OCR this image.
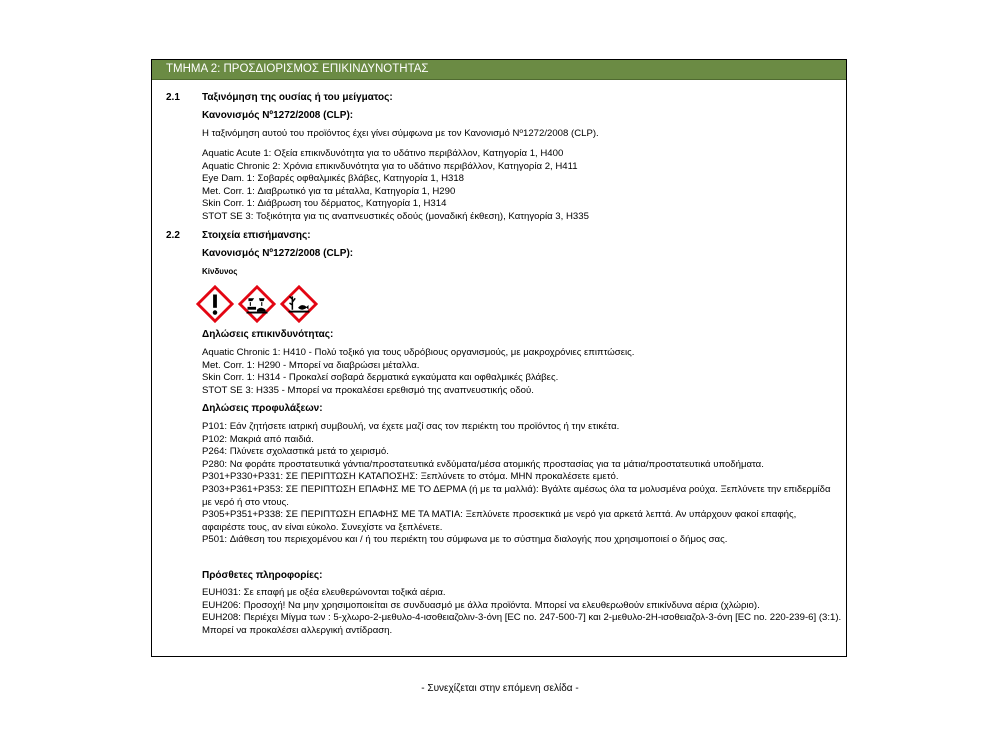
ΤΜΗΜΑ 2: ΠΡΟΣΔΙΟΡΙΣΜΟΣ ΕΠΙΚΙΝΔΥΝΟΤΗΤΑΣ
2.1 Ταξινόμηση της ουσίας ή του μείγματος:
Κανονισμός Νº1272/2008 (CLP):
Η ταξινόμηση αυτού του προϊόντος έχει γίνει σύμφωνα με τον Κανονισμό Νº1272/2008 (CLP).
Aquatic Acute 1: Οξεία επικινδυνότητα για το υδάτινο περιβάλλον, Κατηγορία 1, H400
Aquatic Chronic 2: Χρόνια επικινδυνότητα για το υδάτινο περιβάλλον, Κατηγορία 2, H411
Eye Dam. 1: Σοβαρές οφθαλμικές βλάβες, Κατηγορία 1, H318
Met. Corr. 1: Διαβρωτικό για τα μέταλλα, Κατηγορία 1, H290
Skin Corr. 1: Διάβρωση του δέρματος, Κατηγορία 1, H314
STOT SE 3: Τοξικότητα για τις αναπνευστικές οδούς (μοναδική έκθεση), Κατηγορία 3, H335
2.2 Στοιχεία επισήμανσης:
Κανονισμός Νº1272/2008 (CLP):
Κίνδυνος
Δηλώσεις επικινδυνότητας:
Aquatic Chronic 1: H410 - Πολύ τοξικό για τους υδρόβιους οργανισμούς, με μακροχρόνιες επιπτώσεις.
Met. Corr. 1: H290 - Μπορεί να διαβρώσει μέταλλα.
Skin Corr. 1: H314 - Προκαλεί σοβαρά δερματικά εγκαύματα και οφθαλμικές βλάβες.
STOT SE 3: H335 - Μπορεί να προκαλέσει ερεθισμό της αναπνευστικής οδού.
Δηλώσεις προφυλάξεων:
P101: Εάν ζητήσετε ιατρική συμβουλή, να έχετε μαζί σας τον περιέκτη του προϊόντος ή την ετικέτα.
P102: Μακριά από παιδιά.
P264: Πλύνετε σχολαστικά μετά το χειρισμό.
P280: Να φοράτε προστατευτικά γάντια/προστατευτικά ενδύματα/μέσα ατομικής προστασίας για τα μάτια/προστατευτικά υποδήματα.
P301+P330+P331: ΣΕ ΠΕΡΙΠΤΩΣΗ ΚΑΤΑΠΟΣΗΣ: Ξεπλύνετε το στόμα. ΜΗΝ προκαλέσετε εμετό.
P303+P361+P353: ΣΕ ΠΕΡΙΠΤΩΣΗ ΕΠΑΦΗΣ ΜΕ ΤΟ ΔΕΡΜΑ (ή με τα μαλλιά): Βγάλτε αμέσως όλα τα μολυσμένα ρούχα. Ξεπλύνετε την επιδερμίδα με νερό ή στο ντους.
P305+P351+P338: ΣΕ ΠΕΡΙΠΤΩΣΗ ΕΠΑΦΗΣ ΜΕ ΤΑ ΜΑΤΙΑ: Ξεπλύνετε προσεκτικά με νερό για αρκετά λεπτά. Αν υπάρχουν φακοί επαφής, αφαιρέστε τους, αν είναι εύκολο. Συνεχίστε να ξεπλένετε.
P501: Διάθεση του περιεχομένου και / ή του περιέκτη του σύμφωνα με το σύστημα διαλογής που χρησιμοποιεί ο δήμος σας.
Πρόσθετες πληροφορίες:
EUH031: Σε επαφή με οξέα ελευθερώνονται τοξικά αέρια.
EUH206: Προσοχή! Να μην χρησιμοποιείται σε συνδυασμό με άλλα προϊόντα. Μπορεί να ελευθερωθούν επικίνδυνα αέρια (χλώριο).
EUH208: Περιέχει Μίγμα των : 5-χλωρο-2-μεθυλο-4-ισοθειαζολιν-3-όνη [EC no. 247-500-7] και 2-μεθυλο-2Η-ισοθειαζολ-3-όνη [EC no. 220-239-6] (3:1). Μπορεί να προκαλέσει αλλεργική αντίδραση.
- Συνεχίζεται στην επόμενη σελίδα -
